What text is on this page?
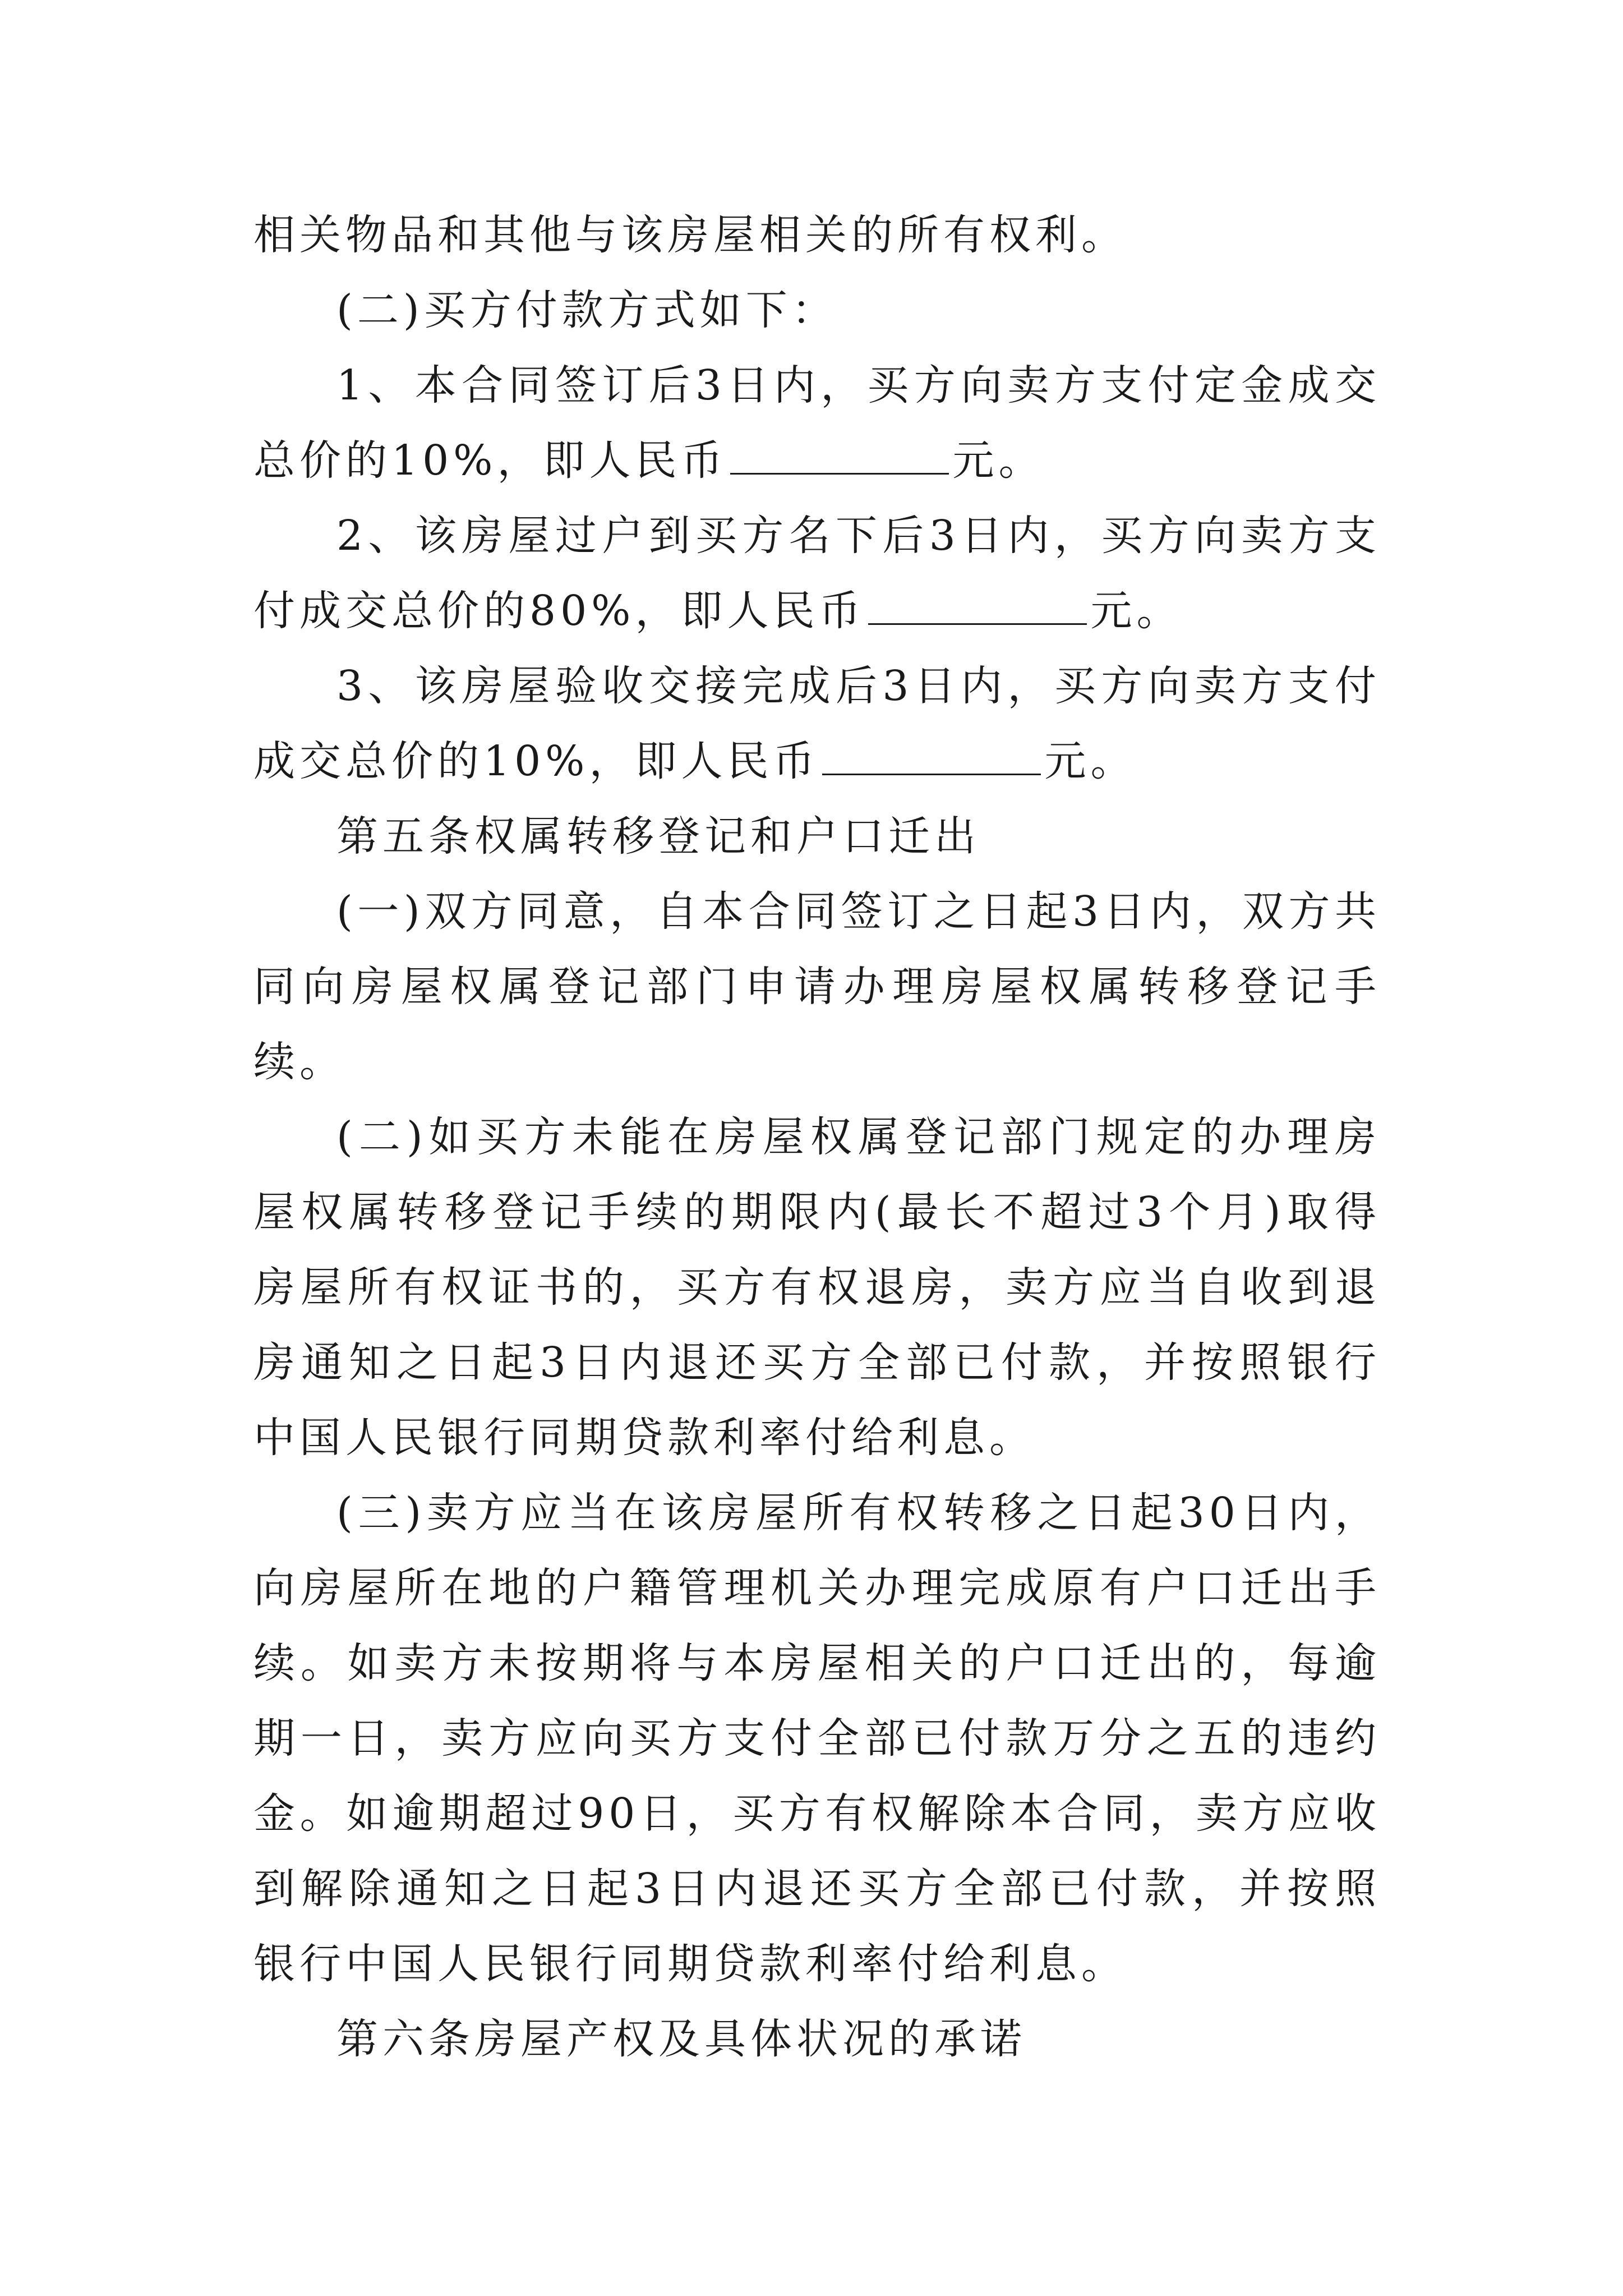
相关物品和其他与该房屋相关的所有权利。

(二)买方付款方式如下：

1、本合同签订后3日内，买方向卖方支付定金成交总价的10%，即人民币	元。

2、该房屋过户到买方名下后3日内，买方向卖方支付成交总价的80%，即人民币	元。

3、该房屋验收交接完成后3日内，买方向卖方支付成交总价的10%，即人民币	元。

第五条权属转移登记和户口迁出

(一)双方同意，自本合同签订之日起3日内，双方共同向房屋权属登记部门申请办理房屋权属转移登记手续。

(二)如买方未能在房屋权属登记部门规定的办理房屋权属转移登记手续的期限内(最长不超过3个月)取得房屋所有权证书的，买方有权退房，卖方应当自收到退房通知之日起3日内退还买方全部已付款，并按照银行中国人民银行同期贷款利率付给利息。

(三)卖方应当在该房屋所有权转移之日起30日内，向房屋所在地的户籍管理机关办理完成原有户口迁出手续。如卖方未按期将与本房屋相关的户口迁出的，每逾期一日，卖方应向买方支付全部已付款万分之五的违约金。如逾期超过90日，买方有权解除本合同，卖方应收到解除通知之日起3日内退还买方全部已付款，并按照银行中国人民银行同期贷款利率付给利息。

第六条房屋产权及具体状况的承诺
